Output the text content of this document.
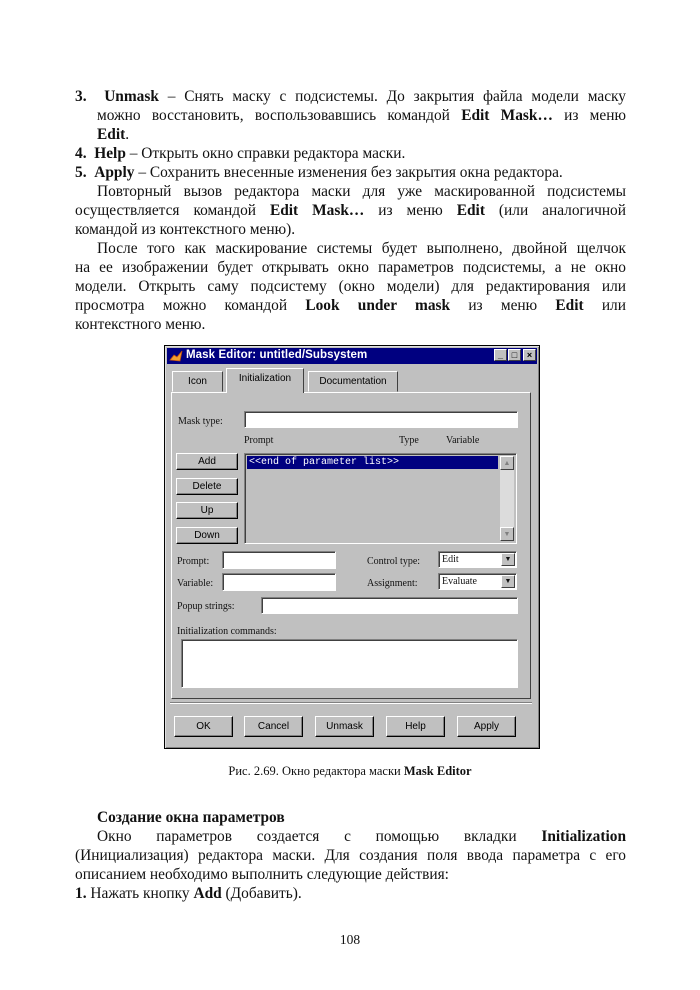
3. Unmask – Снять маску с подсистемы. До закрытия файла модели маску
можно восстановить, воспользовавшись командой Edit Mask… из меню
Edit.
4. Help – Открыть окно справки редактора маски.
5. Apply – Сохранить внесенные изменения без закрытия окна редактора.
Повторный вызов редактора маски для уже маскированной подсистемы
осуществляется командой Edit Mask… из меню Edit (или аналогичной
командой из контекстного меню).
После того как маскирование системы будет выполнено, двойной щелчок
на ее изображении будет открывать окно параметров подсистемы, а не окно
модели. Открыть саму подсистему (окно модели) для редактирования или
просмотра можно командой Look under mask из меню Edit или
контекстного меню.
Mask Editor: untitled/Subsystem	_ □	×
Icon	Initialization	Documentation
Mask type:
Prompt	Type	Variable
Add
Delete
Up
Down
<<end of parameter list>>	▲
▼
Prompt:
Variable:
Control type: Edit	▼
Assignment: Evaluate	▼
Popup strings:
Initialization commands:
OK	Cancel	Unmask	Help	Apply
Рис. 2.69. Окно редактора маски Mask Editor
Создание окна параметров
Окно параметров создается с помощью вкладки Initialization
(Инициализация) редактора маски. Для создания поля ввода параметра с его
описанием необходимо выполнить следующие действия:
1. Нажать кнопку Add (Добавить).
108
